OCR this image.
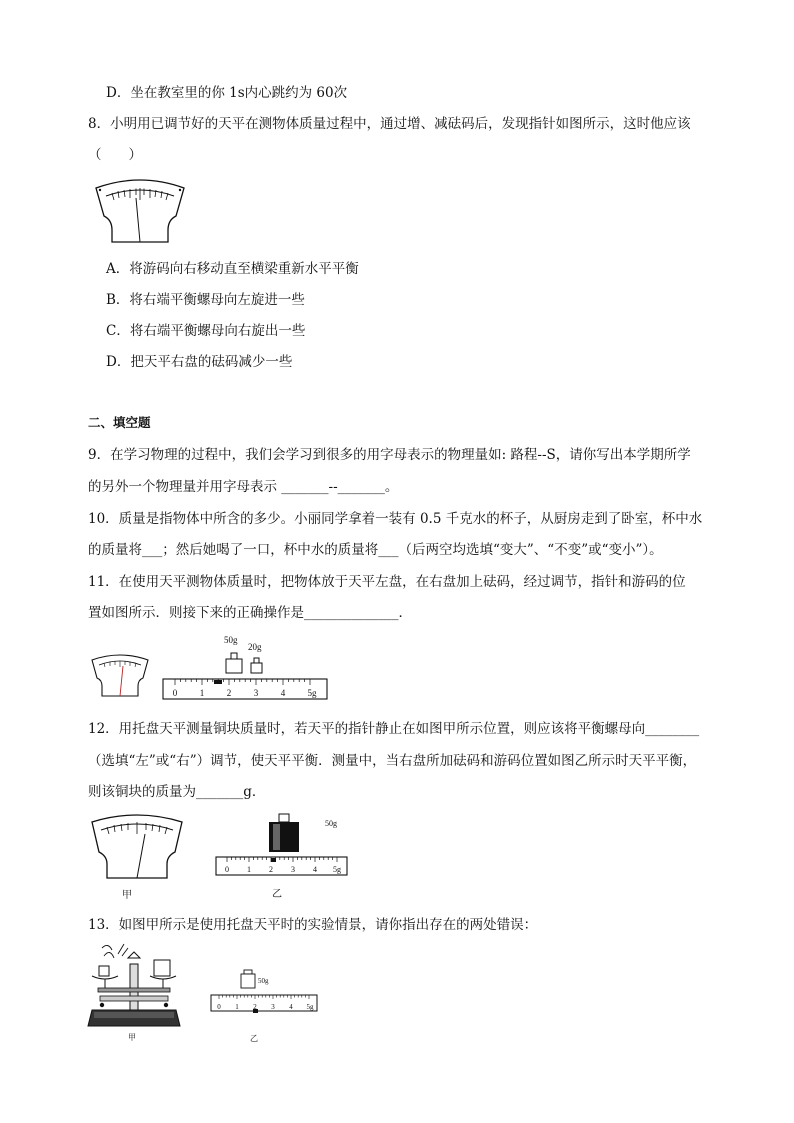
D．坐在教室里的你 1s内心跳约为 60次
8．小明用已调节好的天平在测物体质量过程中，通过增、减砝码后，发现指针如图所示，这时他应该
（　　）
A．将游码向右移动直至横梁重新水平平衡
B．将右端平衡螺母向左旋进一些
C．将右端平衡螺母向右旋出一些
D．把天平右盘的砝码减少一些
二、填空题
9．在学习物理的过程中，我们会学习到很多的用字母表示的物理量如: 路程--S，请你写出本学期所学
的另外一个物理量并用字母表示 _______--_______。
10．质量是指物体中所含的多少。小丽同学拿着一装有 0.5 千克水的杯子，从厨房走到了卧室，杯中水
的质量将___；然后她喝了一口，杯中水的质量将___（后两空均选填“变大”、“不变”或“变小”）。
11．在使用天平测物体质量时，把物体放于天平左盘，在右盘加上砝码，经过调节，指针和游码的位
置如图所示．则接下来的正确操作是______________．
50g
20g
0	1	2	3	4 5g
12．用托盘天平测量铜块质量时，若天平的指针静止在如图甲所示位置，则应该将平衡螺母向________
（选填“左”或“右”）调节，使天平平衡．测量中，当右盘所加砝码和游码位置如图乙所示时天平平衡，
则该铜块的质量为_______g．
甲
50g
0 1 2 3 4 5g
乙
13．如图甲所示是使用托盘天平时的实验情景，请你指出存在的两处错误：
甲
50g
0 1 2 3 4 5g
乙
